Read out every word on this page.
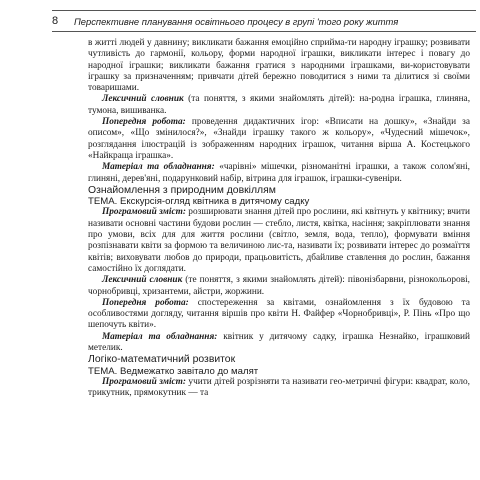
8 Перспективне планування освітнього процесу в групі 'того року життя

в житті людей у давнину; викликати бажання емоційно сприйма-ти народну іграшку; розвивати чутливість до гармонії, кольору, форми народної іграшки, викликати інтерес і повагу до народної іграшки; викликати бажання гратися з народними іграшками, ви-користовувати іграшку за призначенням; привчати дітей бережно поводитися з ними та ділитися зі своїми товаришами.

Лексичний словник (та поняття, з якими знайомлять дітей): на-родна іграшка, глиняна, тумона, вишиванка.

Попередня робота: проведення дидактичних ігор: «Вписати на дошку», «Знайди за описом», «Що змінилося?», «Знайди іграшку такого ж кольору», «Чудесний мішечок», розглядання ілюстрацій із зображенням народних іграшок, читання вірша А. Костецького «Найкраща іграшка».

Матеріал та обладнання: «чарівні» мішечки, різноманітні іграшки, а також солом'яні, глиняні, дерев'яні, подарунковий набір, вітрина для іграшок, іграшки-сувеніри.

Ознайомлення з природним довкіллям

ТЕМА. Екскурсія-огляд квітника в дитячому садку

Програмовий зміст: розширювати знання дітей про рослини, які квітнуть у квітнику; вчити називати основні частини будови рослин — стебло, листя, квітка, насіння; закріплювати знання про умови, всіх для для життя рослини (світло, земля, вода, тепло), формувати вміння розпізнавати квіти за формою та величиною лис-та, називати їх; розвивати інтерес до розмаїття квітів; виховувати любов до природи, працьовитість, дбайливе ставлення до рослин, бажання самостійно їх доглядати.

Лексичний словник (те поняття, з якими знайомлять дітей): півонізбарвни, різнокольорові, чорнобривці, хризантеми, айстри, жоржини.

Попередня робота: спостереження за квітами, ознайомлення з їх будовою та особливостями догляду, читання віршів про квіти Н. Файфер «Чорнобривці», Р. Пінь «Про що шепочуть квіти».

Матеріал та обладнання: квітник у дитячому садку, іграшка Незнайко, іграшковий метелик.

Логіко-математичний розвиток

ТЕМА. Ведмежатко завітало до малят

Програмовий зміст: учити дітей розрізняти та називати гео-метричні фігури: квадрат, коло, трикутник, прямокутник — та
